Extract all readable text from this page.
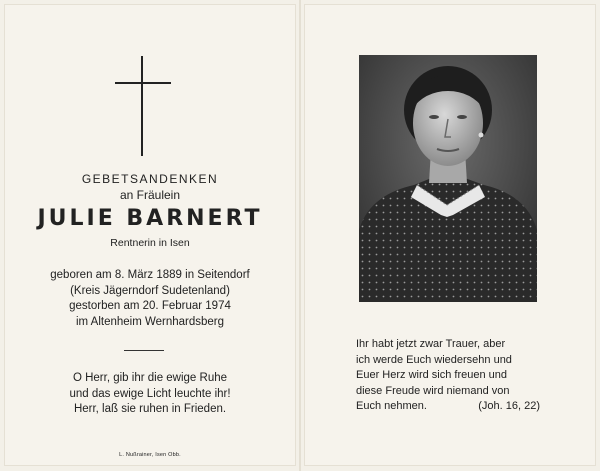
GEBETSANDENKEN
an Fräulein
JULIE BARNERT
Rentnerin in Isen
geboren am 8. März 1889 in Seitendorf
(Kreis Jägerndorf Sudetenland)
gestorben am 20. Februar 1974
im Altenheim Wernhardsberg
O Herr, gib ihr die ewige Ruhe
und das ewige Licht leuchte ihr!
Herr, laß sie ruhen in Frieden.
L. Nußrainer, Isen Obb.
Ihr habt jetzt zwar Trauer, aber
ich werde Euch wiedersehn und
Euer Herz wird sich freuen und
diese Freude wird niemand von
Euch nehmen.	(Joh. 16, 22)
